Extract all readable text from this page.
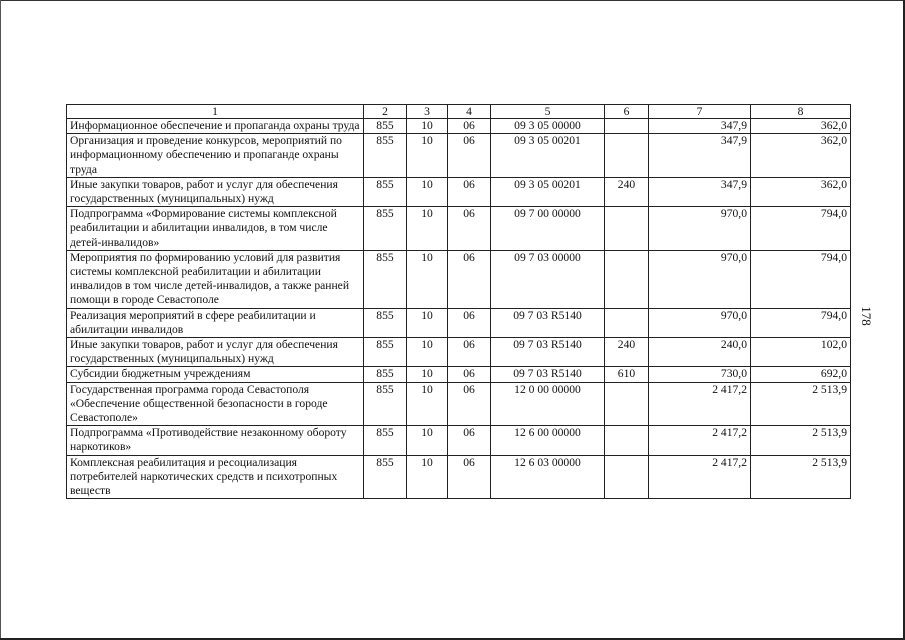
178
1	2	3	4	5	6	7	8
Информационное обеспечение и пропаганда охраны труда	855	10	06	09 3 05 00000		347,9	362,0
Организация и проведение конкурсов, мероприятий по информационному обеспечению и пропаганде охраны труда	855	10	06	09 3 05 00201		347,9	362,0
Иные закупки товаров, работ и услуг для обеспечения государственных (муниципальных) нужд	855	10	06	09 3 05 00201	240	347,9	362,0
Подпрограмма «Формирование системы комплексной реабилитации и абилитации инвалидов, в том числе детей-инвалидов»	855	10	06	09 7 00 00000		970,0	794,0
Мероприятия по формированию условий для развития системы комплексной реабилитации и абилитации инвалидов в том числе детей-инвалидов, а также ранней помощи в городе Севастополе	855	10	06	09 7 03 00000		970,0	794,0
Реализация мероприятий в сфере реабилитации и абилитации инвалидов	855	10	06	09 7 03 R5140		970,0	794,0
Иные закупки товаров, работ и услуг для обеспечения государственных (муниципальных) нужд	855	10	06	09 7 03 R5140	240	240,0	102,0
Субсидии бюджетным учреждениям	855	10	06	09 7 03 R5140	610	730,0	692,0
Государственная программа города Севастополя «Обеспечение общественной безопасности в городе Севастополе»	855	10	06	12 0 00 00000		2 417,2	2 513,9
Подпрограмма «Противодействие незаконному обороту наркотиков»	855	10	06	12 6 00 00000		2 417,2	2 513,9
Комплексная реабилитация и ресоциализация потребителей наркотических средств и психотропных веществ	855	10	06	12 6 03 00000		2 417,2	2 513,9
